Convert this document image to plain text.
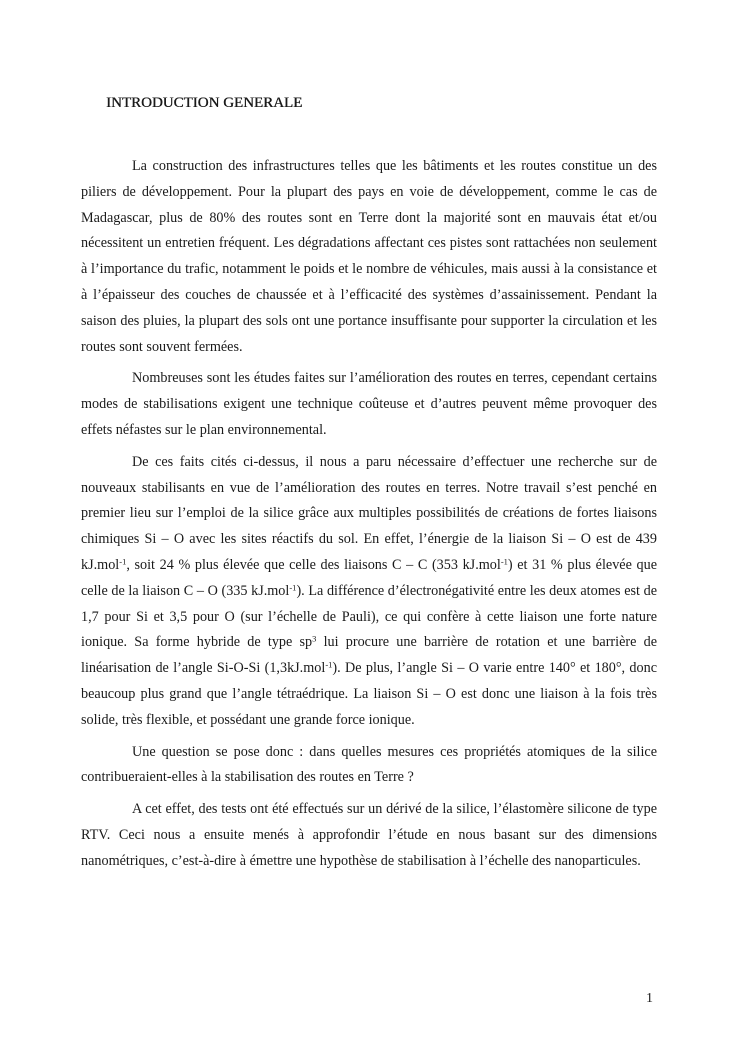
INTRODUCTION GENERALE

La construction des infrastructures telles que les bâtiments et les routes constitue un des piliers de développement. Pour la plupart des pays en voie de développement, comme le cas de Madagascar, plus de 80% des routes sont en Terre dont la majorité sont en mauvais état et/ou nécessitent un entretien fréquent. Les dégradations affectant ces pistes sont rattachées non seulement à l’importance du trafic, notamment le poids et le nombre de véhicules, mais aussi à la consistance et à l’épaisseur des couches de chaussée et à l’efficacité des systèmes d’assainissement. Pendant la saison des pluies, la plupart des sols ont une portance insuffisante pour supporter la circulation et les routes sont souvent fermées.

Nombreuses sont les études faites sur l’amélioration des routes en terres, cependant certains modes de stabilisations exigent une technique coûteuse et d’autres peuvent même provoquer des effets néfastes sur le plan environnemental.

De ces faits cités ci-dessus, il nous a paru nécessaire d’effectuer une recherche sur de nouveaux stabilisants en vue de l’amélioration des routes en terres. Notre travail s’est penché en premier lieu sur l’emploi de la silice grâce aux multiples possibilités de créations de fortes liaisons chimiques Si – O avec les sites réactifs du sol. En effet, l’énergie de la liaison Si – O est de 439 kJ.mol$^{-1}$, soit 24 % plus élevée que celle des liaisons C – C (353 kJ.mol$^{-1}$) et 31 % plus élevée que celle de la liaison C – O (335 kJ.mol$^{-1}$). La différence d’électronégativité entre les deux atomes est de 1,7 pour Si et 3,5 pour O (sur l’échelle de Pauli), ce qui confère à cette liaison une forte nature ionique. Sa forme hybride de type $sp^3$ lui procure une barrière de rotation et une barrière de linéarisation de l’angle Si-O-Si (1,3kJ.mol$^{-1}$). De plus, l’angle Si – O varie entre 140° et 180°, donc beaucoup plus grand que l’angle tétraédrique. La liaison Si – O est donc une liaison à la fois très solide, très flexible, et possédant une grande force ionique.

Une question se pose donc : dans quelles mesures ces propriétés atomiques de la silice contribueraient-elles à la stabilisation des routes en Terre ?

A cet effet, des tests ont été effectués sur un dérivé de la silice, l’élastomère silicone de type RTV. Ceci nous a ensuite menés à approfondir l’étude en nous basant sur des dimensions nanométriques, c’est-à-dire à émettre une hypothèse de stabilisation à l’échelle des nanoparticules.

1
